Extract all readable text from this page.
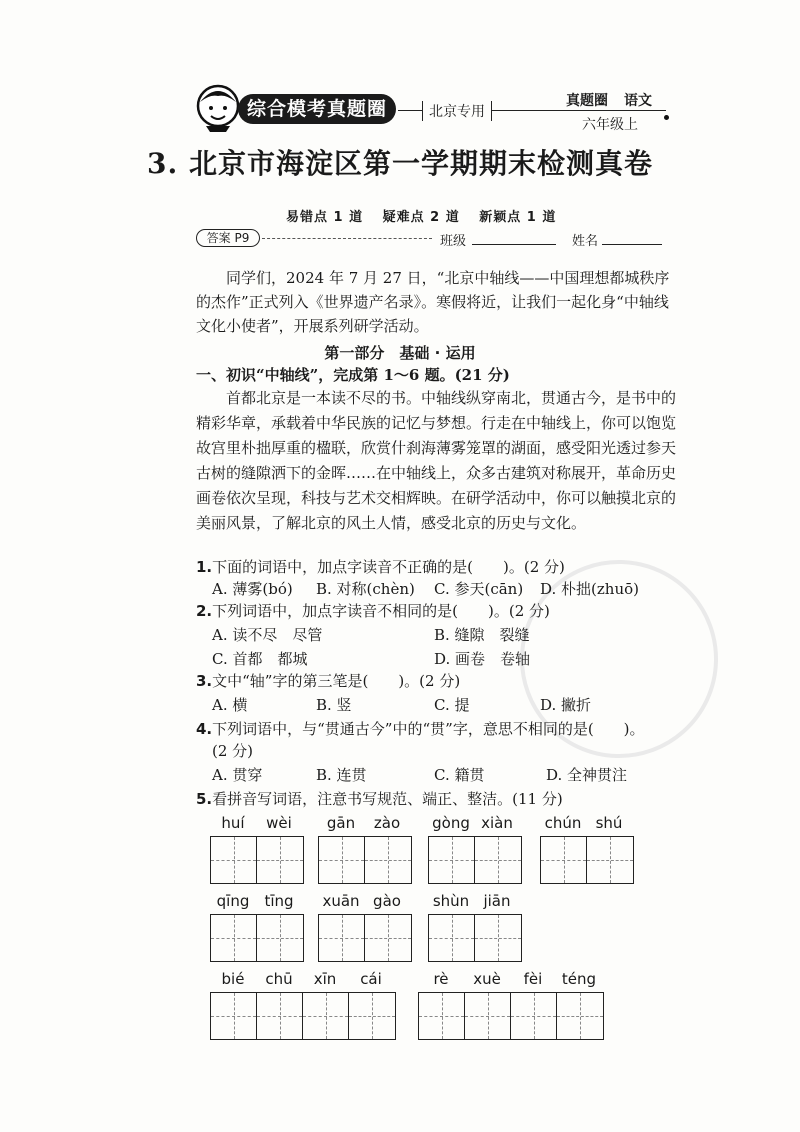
综合模考真题圈	北京专用
真题圈 语文
六年级上
3. 北京市海淀区第一学期期末检测真卷
易错点 1 道 疑难点 2 道 新颖点 1 道
答案 P9	班级	姓名
同学们，2024 年 7 月 27 日，“北京中轴线——中国理想都城秩序的杰作”正式列入《世界遗产名录》。寒假将近，让我们一起化身“中轴线文化小使者”，开展系列研学活动。
第一部分　基础 · 运用
一、初识“中轴线”，完成第 1～6 题。(21 分)
首都北京是一本读不尽的书。中轴线纵穿南北，贯通古今，是书中的精彩华章，承载着中华民族的记忆与梦想。行走在中轴线上，你可以饱览故宫里朴拙厚重的楹联，欣赏什刹海薄雾笼罩的湖面，感受阳光透过参天古树的缝隙洒下的金晖……在中轴线上，众多古建筑对称展开，革命历史画卷依次呈现，科技与艺术交相辉映。在研学活动中，你可以触摸北京的美丽风景，了解北京的风土人情，感受北京的历史与文化。
1.下面的词语中，加点字读音不正确的是(　　)。(2 分)
A. 薄雾(bó) B. 对称(chèn) C. 参天(cān) D. 朴拙(zhuō)
2.下列词语中，加点字读音不相同的是(　　)。(2 分)
A. 读不尽　尽管	B. 缝隙　裂缝
C. 首都　都城	D. 画卷　卷轴
3.文中“轴”字的第三笔是(　　)。(2 分)
A. 横	B. 竖	C. 提	D. 撇折
4.下列词语中，与“贯通古今”中的“贯”字，意思不相同的是(　　)。
(2 分)
A. 贯穿	B. 连贯	C. 籍贯	D. 全神贯注
5.看拼音写词语，注意书写规范、端正、整洁。(11 分)
huí	wèi	gān	zào	gòng xiàn	chún shú
qīng	tīng	xuān gào	shùn jiān
bié	chū	xīn	cái	rè	xuè	fèi	téng
